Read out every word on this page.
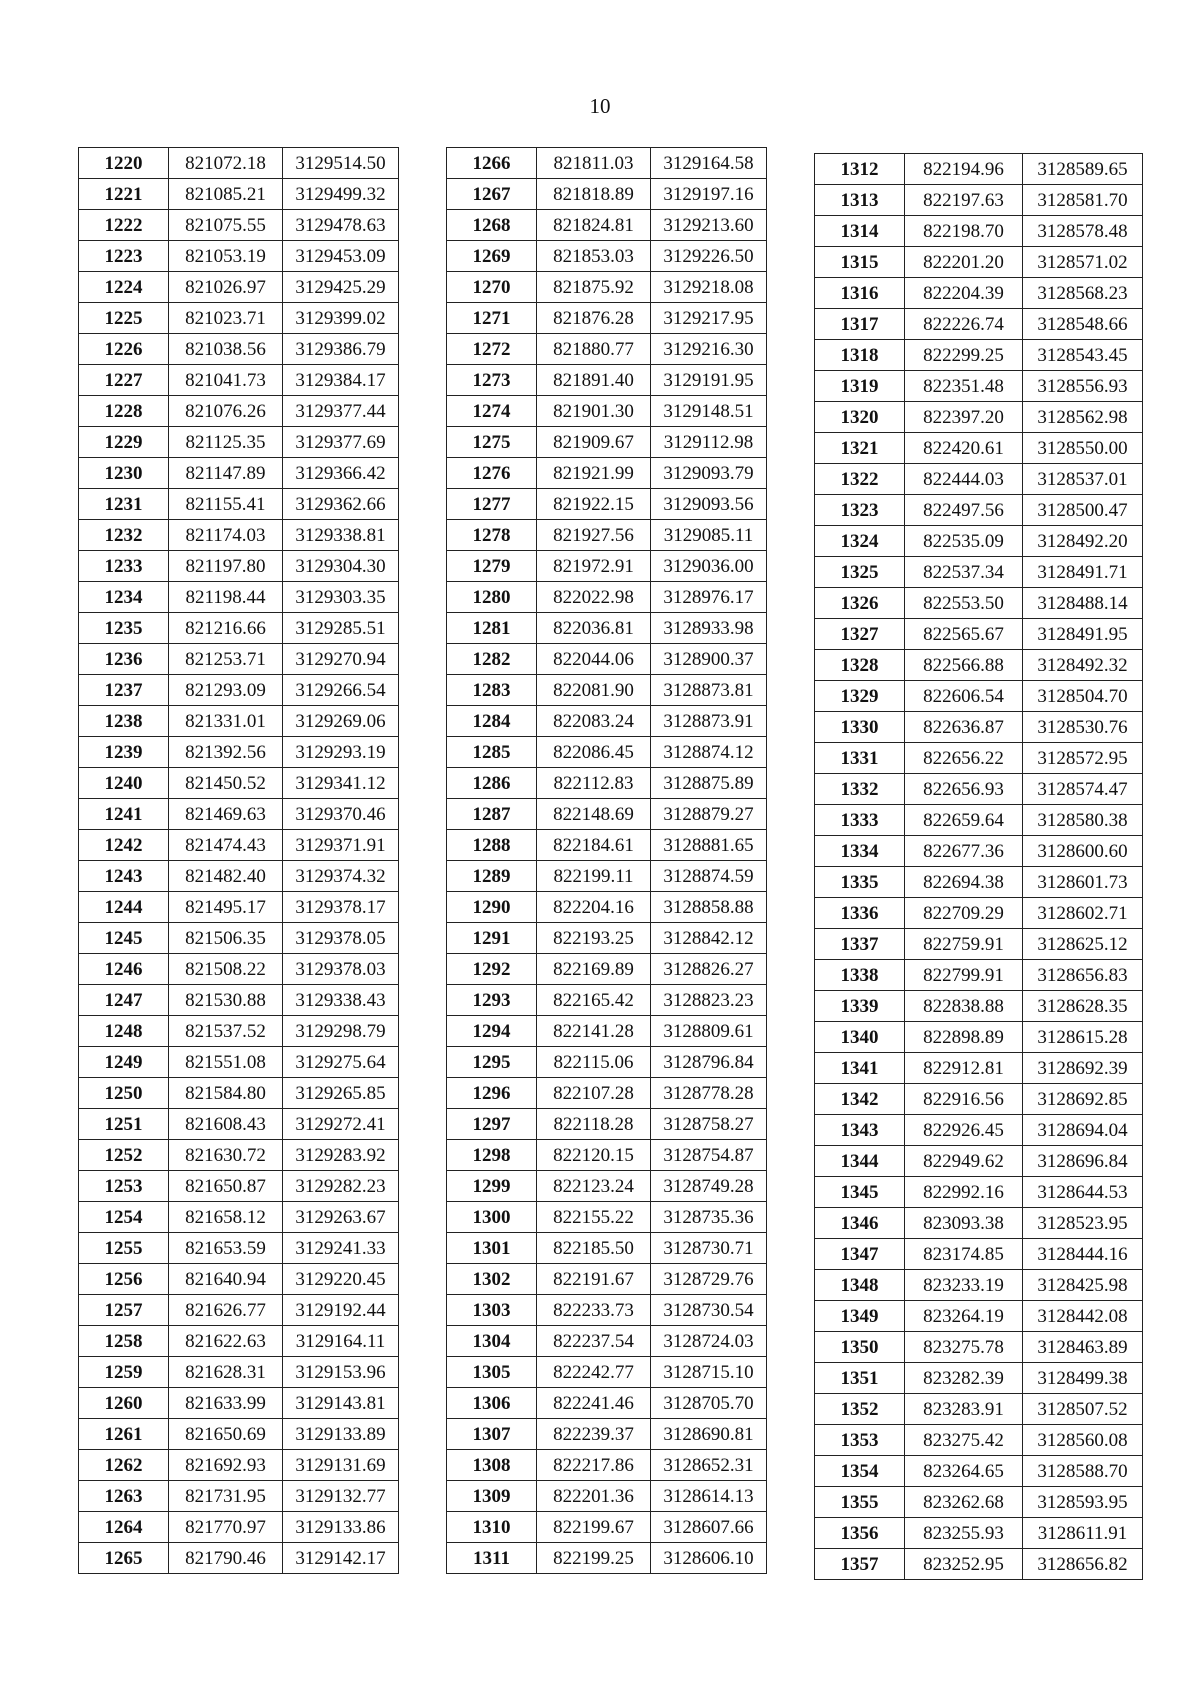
10
1220	821072.18	3129514.50
1221	821085.21	3129499.32
1222	821075.55	3129478.63
1223	821053.19	3129453.09
1224	821026.97	3129425.29
1225	821023.71	3129399.02
1226	821038.56	3129386.79
1227	821041.73	3129384.17
1228	821076.26	3129377.44
1229	821125.35	3129377.69
1230	821147.89	3129366.42
1231	821155.41	3129362.66
1232	821174.03	3129338.81
1233	821197.80	3129304.30
1234	821198.44	3129303.35
1235	821216.66	3129285.51
1236	821253.71	3129270.94
1237	821293.09	3129266.54
1238	821331.01	3129269.06
1239	821392.56	3129293.19
1240	821450.52	3129341.12
1241	821469.63	3129370.46
1242	821474.43	3129371.91
1243	821482.40	3129374.32
1244	821495.17	3129378.17
1245	821506.35	3129378.05
1246	821508.22	3129378.03
1247	821530.88	3129338.43
1248	821537.52	3129298.79
1249	821551.08	3129275.64
1250	821584.80	3129265.85
1251	821608.43	3129272.41
1252	821630.72	3129283.92
1253	821650.87	3129282.23
1254	821658.12	3129263.67
1255	821653.59	3129241.33
1256	821640.94	3129220.45
1257	821626.77	3129192.44
1258	821622.63	3129164.11
1259	821628.31	3129153.96
1260	821633.99	3129143.81
1261	821650.69	3129133.89
1262	821692.93	3129131.69
1263	821731.95	3129132.77
1264	821770.97	3129133.86
1265	821790.46	3129142.17
1266	821811.03	3129164.58
1267	821818.89	3129197.16
1268	821824.81	3129213.60
1269	821853.03	3129226.50
1270	821875.92	3129218.08
1271	821876.28	3129217.95
1272	821880.77	3129216.30
1273	821891.40	3129191.95
1274	821901.30	3129148.51
1275	821909.67	3129112.98
1276	821921.99	3129093.79
1277	821922.15	3129093.56
1278	821927.56	3129085.11
1279	821972.91	3129036.00
1280	822022.98	3128976.17
1281	822036.81	3128933.98
1282	822044.06	3128900.37
1283	822081.90	3128873.81
1284	822083.24	3128873.91
1285	822086.45	3128874.12
1286	822112.83	3128875.89
1287	822148.69	3128879.27
1288	822184.61	3128881.65
1289	822199.11	3128874.59
1290	822204.16	3128858.88
1291	822193.25	3128842.12
1292	822169.89	3128826.27
1293	822165.42	3128823.23
1294	822141.28	3128809.61
1295	822115.06	3128796.84
1296	822107.28	3128778.28
1297	822118.28	3128758.27
1298	822120.15	3128754.87
1299	822123.24	3128749.28
1300	822155.22	3128735.36
1301	822185.50	3128730.71
1302	822191.67	3128729.76
1303	822233.73	3128730.54
1304	822237.54	3128724.03
1305	822242.77	3128715.10
1306	822241.46	3128705.70
1307	822239.37	3128690.81
1308	822217.86	3128652.31
1309	822201.36	3128614.13
1310	822199.67	3128607.66
1311	822199.25	3128606.10
1312	822194.96	3128589.65
1313	822197.63	3128581.70
1314	822198.70	3128578.48
1315	822201.20	3128571.02
1316	822204.39	3128568.23
1317	822226.74	3128548.66
1318	822299.25	3128543.45
1319	822351.48	3128556.93
1320	822397.20	3128562.98
1321	822420.61	3128550.00
1322	822444.03	3128537.01
1323	822497.56	3128500.47
1324	822535.09	3128492.20
1325	822537.34	3128491.71
1326	822553.50	3128488.14
1327	822565.67	3128491.95
1328	822566.88	3128492.32
1329	822606.54	3128504.70
1330	822636.87	3128530.76
1331	822656.22	3128572.95
1332	822656.93	3128574.47
1333	822659.64	3128580.38
1334	822677.36	3128600.60
1335	822694.38	3128601.73
1336	822709.29	3128602.71
1337	822759.91	3128625.12
1338	822799.91	3128656.83
1339	822838.88	3128628.35
1340	822898.89	3128615.28
1341	822912.81	3128692.39
1342	822916.56	3128692.85
1343	822926.45	3128694.04
1344	822949.62	3128696.84
1345	822992.16	3128644.53
1346	823093.38	3128523.95
1347	823174.85	3128444.16
1348	823233.19	3128425.98
1349	823264.19	3128442.08
1350	823275.78	3128463.89
1351	823282.39	3128499.38
1352	823283.91	3128507.52
1353	823275.42	3128560.08
1354	823264.65	3128588.70
1355	823262.68	3128593.95
1356	823255.93	3128611.91
1357	823252.95	3128656.82
